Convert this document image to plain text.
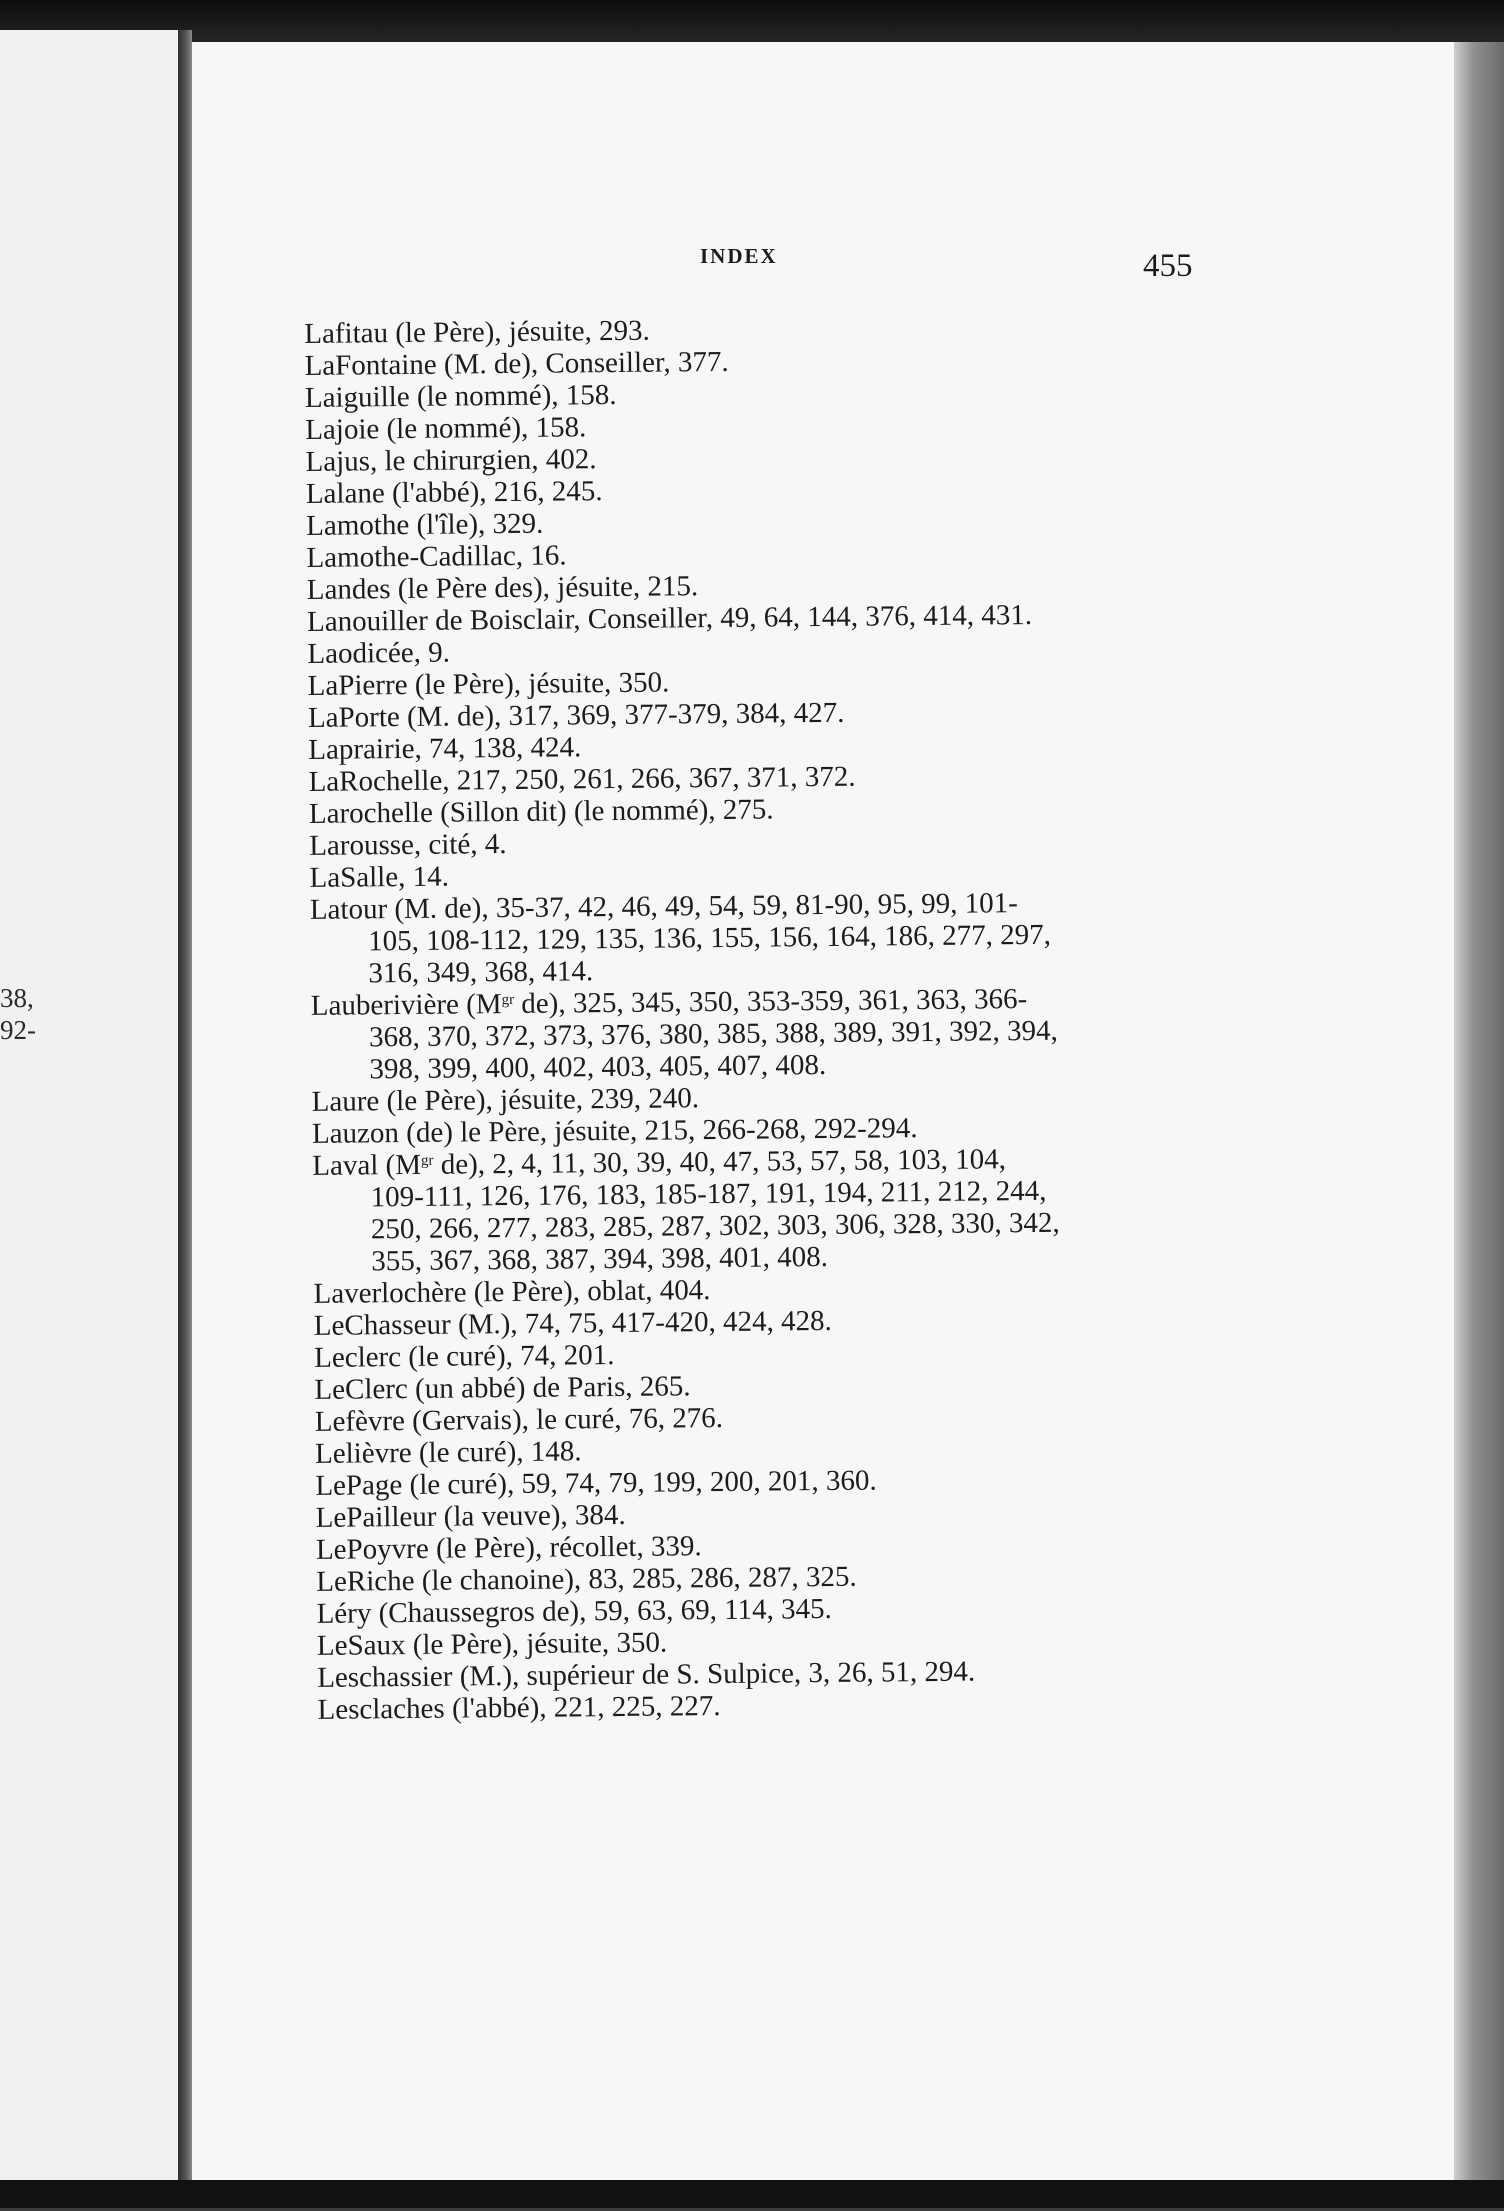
38,
92-
INDEX	455
Lafitau (le Père), jésuite, 293.
LaFontaine (M. de), Conseiller, 377.
Laiguille (le nommé), 158.
Lajoie (le nommé), 158.
Lajus, le chirurgien, 402.
Lalane (l'abbé), 216, 245.
Lamothe (l'île), 329.
Lamothe-Cadillac, 16.
Landes (le Père des), jésuite, 215.
Lanouiller de Boisclair, Conseiller, 49, 64, 144, 376, 414, 431.
Laodicée, 9.
LaPierre (le Père), jésuite, 350.
LaPorte (M. de), 317, 369, 377-379, 384, 427.
Laprairie, 74, 138, 424.
LaRochelle, 217, 250, 261, 266, 367, 371, 372.
Larochelle (Sillon dit) (le nommé), 275.
Larousse, cité, 4.
LaSalle, 14.
Latour (M. de), 35-37, 42, 46, 49, 54, 59, 81-90, 95, 99, 101-
105, 108-112, 129, 135, 136, 155, 156, 164, 186, 277, 297,
316, 349, 368, 414.
Lauberivière ($M^{gr}$ de), 325, 345, 350, 353-359, 361, 363, 366-
368, 370, 372, 373, 376, 380, 385, 388, 389, 391, 392, 394,
398, 399, 400, 402, 403, 405, 407, 408.
Laure (le Père), jésuite, 239, 240.
Lauzon (de) le Père, jésuite, 215, 266-268, 292-294.
Laval ($M^{gr}$ de), 2, 4, 11, 30, 39, 40, 47, 53, 57, 58, 103, 104,
109-111, 126, 176, 183, 185-187, 191, 194, 211, 212, 244,
250, 266, 277, 283, 285, 287, 302, 303, 306, 328, 330, 342,
355, 367, 368, 387, 394, 398, 401, 408.
Laverlochère (le Père), oblat, 404.
LeChasseur (M.), 74, 75, 417-420, 424, 428.
Leclerc (le curé), 74, 201.
LeClerc (un abbé) de Paris, 265.
Lefèvre (Gervais), le curé, 76, 276.
Lelièvre (le curé), 148.
LePage (le curé), 59, 74, 79, 199, 200, 201, 360.
LePailleur (la veuve), 384.
LePoyvre (le Père), récollet, 339.
LeRiche (le chanoine), 83, 285, 286, 287, 325.
Léry (Chaussegros de), 59, 63, 69, 114, 345.
LeSaux (le Père), jésuite, 350.
Leschassier (M.), supérieur de S. Sulpice, 3, 26, 51, 294.
Lesclaches (l'abbé), 221, 225, 227.
